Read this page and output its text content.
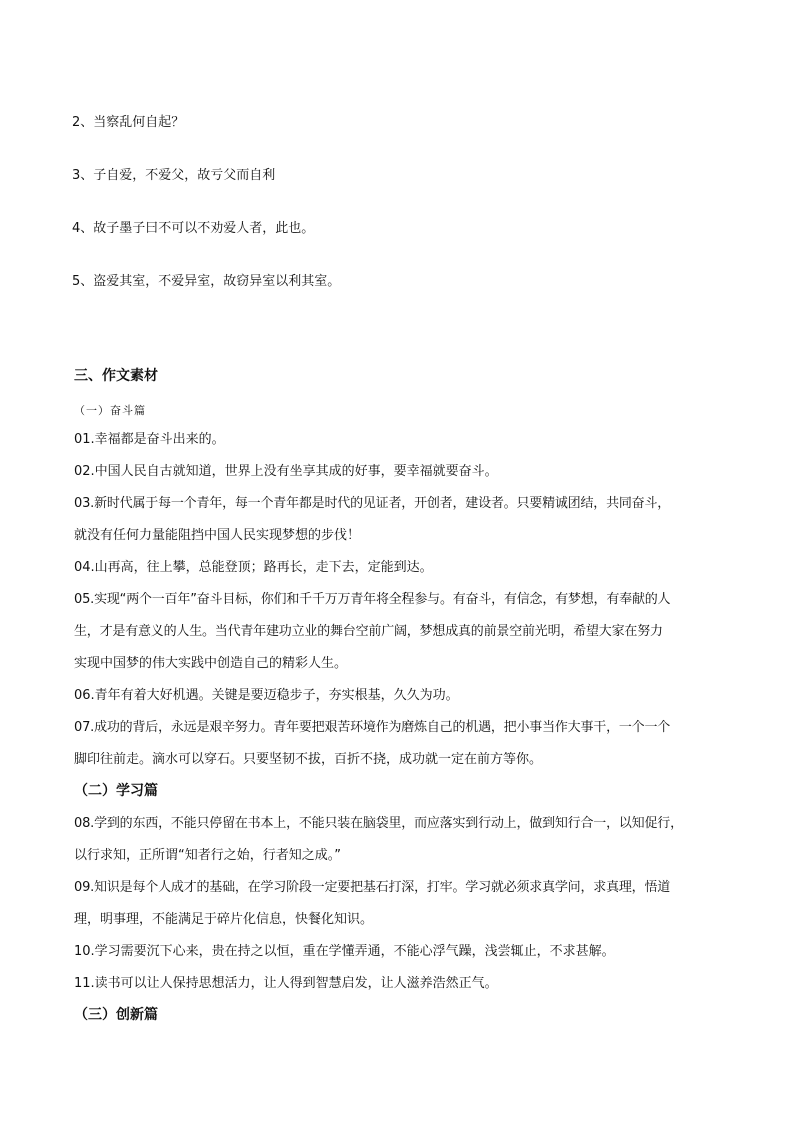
2、当察乱何自起？
3、子自爱，不爱父，故亏父而自利
4、故子墨子曰不可以不劝爱人者，此也。
5、盗爱其室，不爱异室，故窃异室以利其室。
三、作文素材
（一）奋斗篇
01.幸福都是奋斗出来的。
02.中国人民自古就知道，世界上没有坐享其成的好事，要幸福就要奋斗。
03.新时代属于每一个青年，每一个青年都是时代的见证者，开创者，建设者。只要精诚团结，共同奋斗，
就没有任何力量能阻挡中国人民实现梦想的步伐！
04.山再高，往上攀，总能登顶；路再长，走下去，定能到达。
05.实现“两个一百年”奋斗目标，你们和千千万万青年将全程参与。有奋斗，有信念，有梦想，有奉献的人
生，才是有意义的人生。当代青年建功立业的舞台空前广阔，梦想成真的前景空前光明，希望大家在努力
实现中国梦的伟大实践中创造自己的精彩人生。
06.青年有着大好机遇。关键是要迈稳步子，夯实根基，久久为功。
07.成功的背后，永远是艰辛努力。青年要把艰苦环境作为磨炼自己的机遇，把小事当作大事干，一个一个
脚印往前走。滴水可以穿石。只要坚韧不拔，百折不挠，成功就一定在前方等你。
（二）学习篇
08.学到的东西，不能只停留在书本上，不能只装在脑袋里，而应落实到行动上，做到知行合一，以知促行，
以行求知，正所谓“知者行之始，行者知之成。”
09.知识是每个人成才的基础，在学习阶段一定要把基石打深，打牢。学习就必须求真学问，求真理，悟道
理，明事理，不能满足于碎片化信息，快餐化知识。
10.学习需要沉下心来，贵在持之以恒，重在学懂弄通，不能心浮气躁，浅尝辄止，不求甚解。
11.读书可以让人保持思想活力，让人得到智慧启发，让人滋养浩然正气。
（三）创新篇
